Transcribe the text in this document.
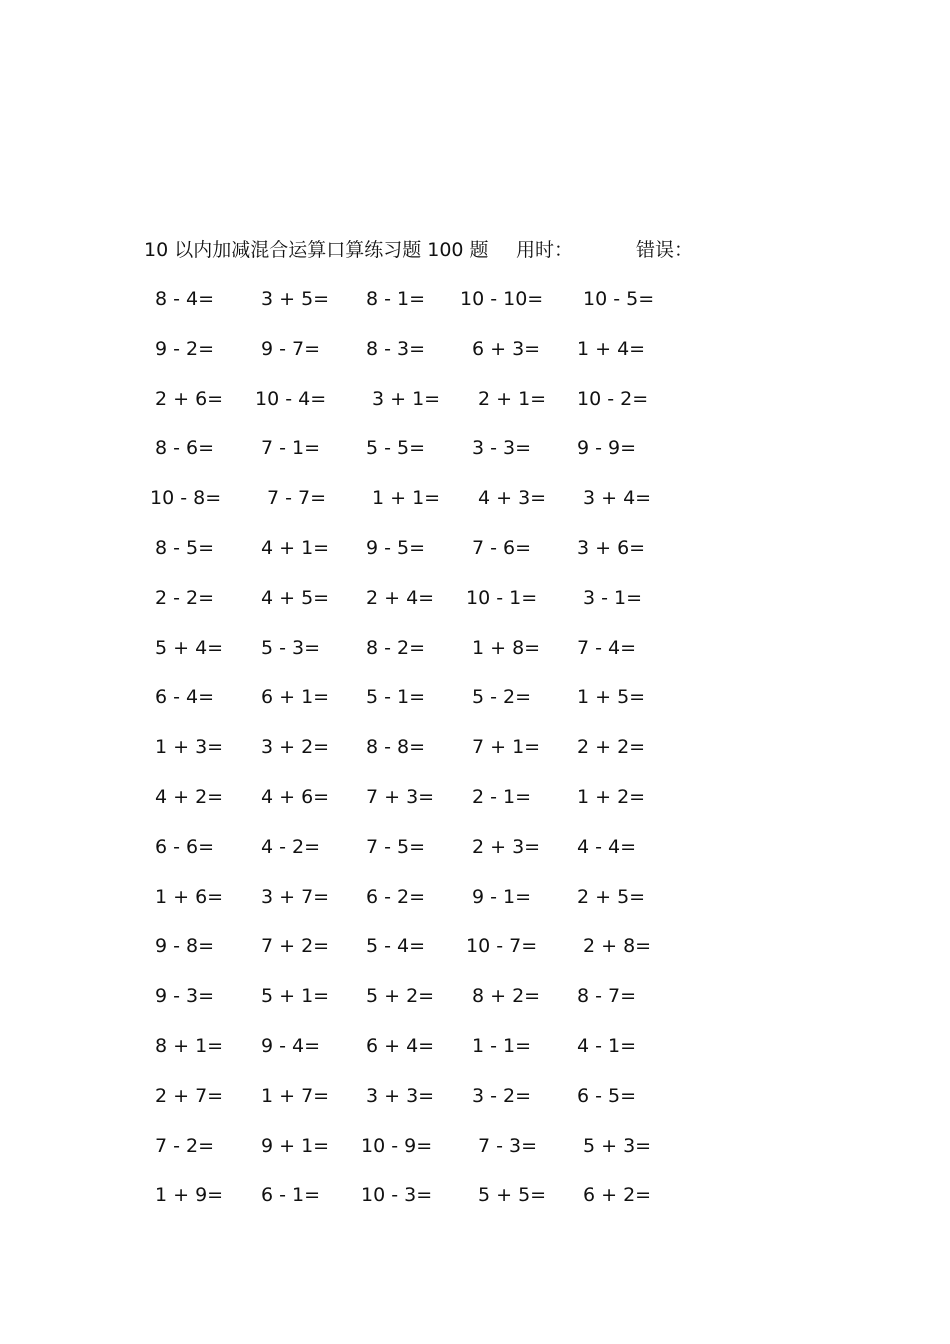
10 以内加减混合运算口算练习题 100 题 用时：	错误：
8 - 4=	3 + 5=	8 - 1=	10 - 10=	10 - 5=
9 - 2=	9 - 7=	8 - 3=	6 + 3=	1 + 4=
2 + 6=	10 - 4=	3 + 1=	2 + 1=	10 - 2=
8 - 6=	7 - 1=	5 - 5=	3 - 3=	9 - 9=
10 - 8=	7 - 7=	1 + 1=	4 + 3=	3 + 4=
8 - 5=	4 + 1=	9 - 5=	7 - 6=	3 + 6=
2 - 2=	4 + 5=	2 + 4=	10 - 1=	3 - 1=
5 + 4=	5 - 3=	8 - 2=	1 + 8=	7 - 4=
6 - 4=	6 + 1=	5 - 1=	5 - 2=	1 + 5=
1 + 3=	3 + 2=	8 - 8=	7 + 1=	2 + 2=
4 + 2=	4 + 6=	7 + 3=	2 - 1=	1 + 2=
6 - 6=	4 - 2=	7 - 5=	2 + 3=	4 - 4=
1 + 6=	3 + 7=	6 - 2=	9 - 1=	2 + 5=
9 - 8=	7 + 2=	5 - 4=	10 - 7=	2 + 8=
9 - 3=	5 + 1=	5 + 2=	8 + 2=	8 - 7=
8 + 1=	9 - 4=	6 + 4=	1 - 1=	4 - 1=
2 + 7=	1 + 7=	3 + 3=	3 - 2=	6 - 5=
7 - 2=	9 + 1=	10 - 9=	7 - 3=	5 + 3=
1 + 9=	6 - 1=	10 - 3=	5 + 5=	6 + 2=
